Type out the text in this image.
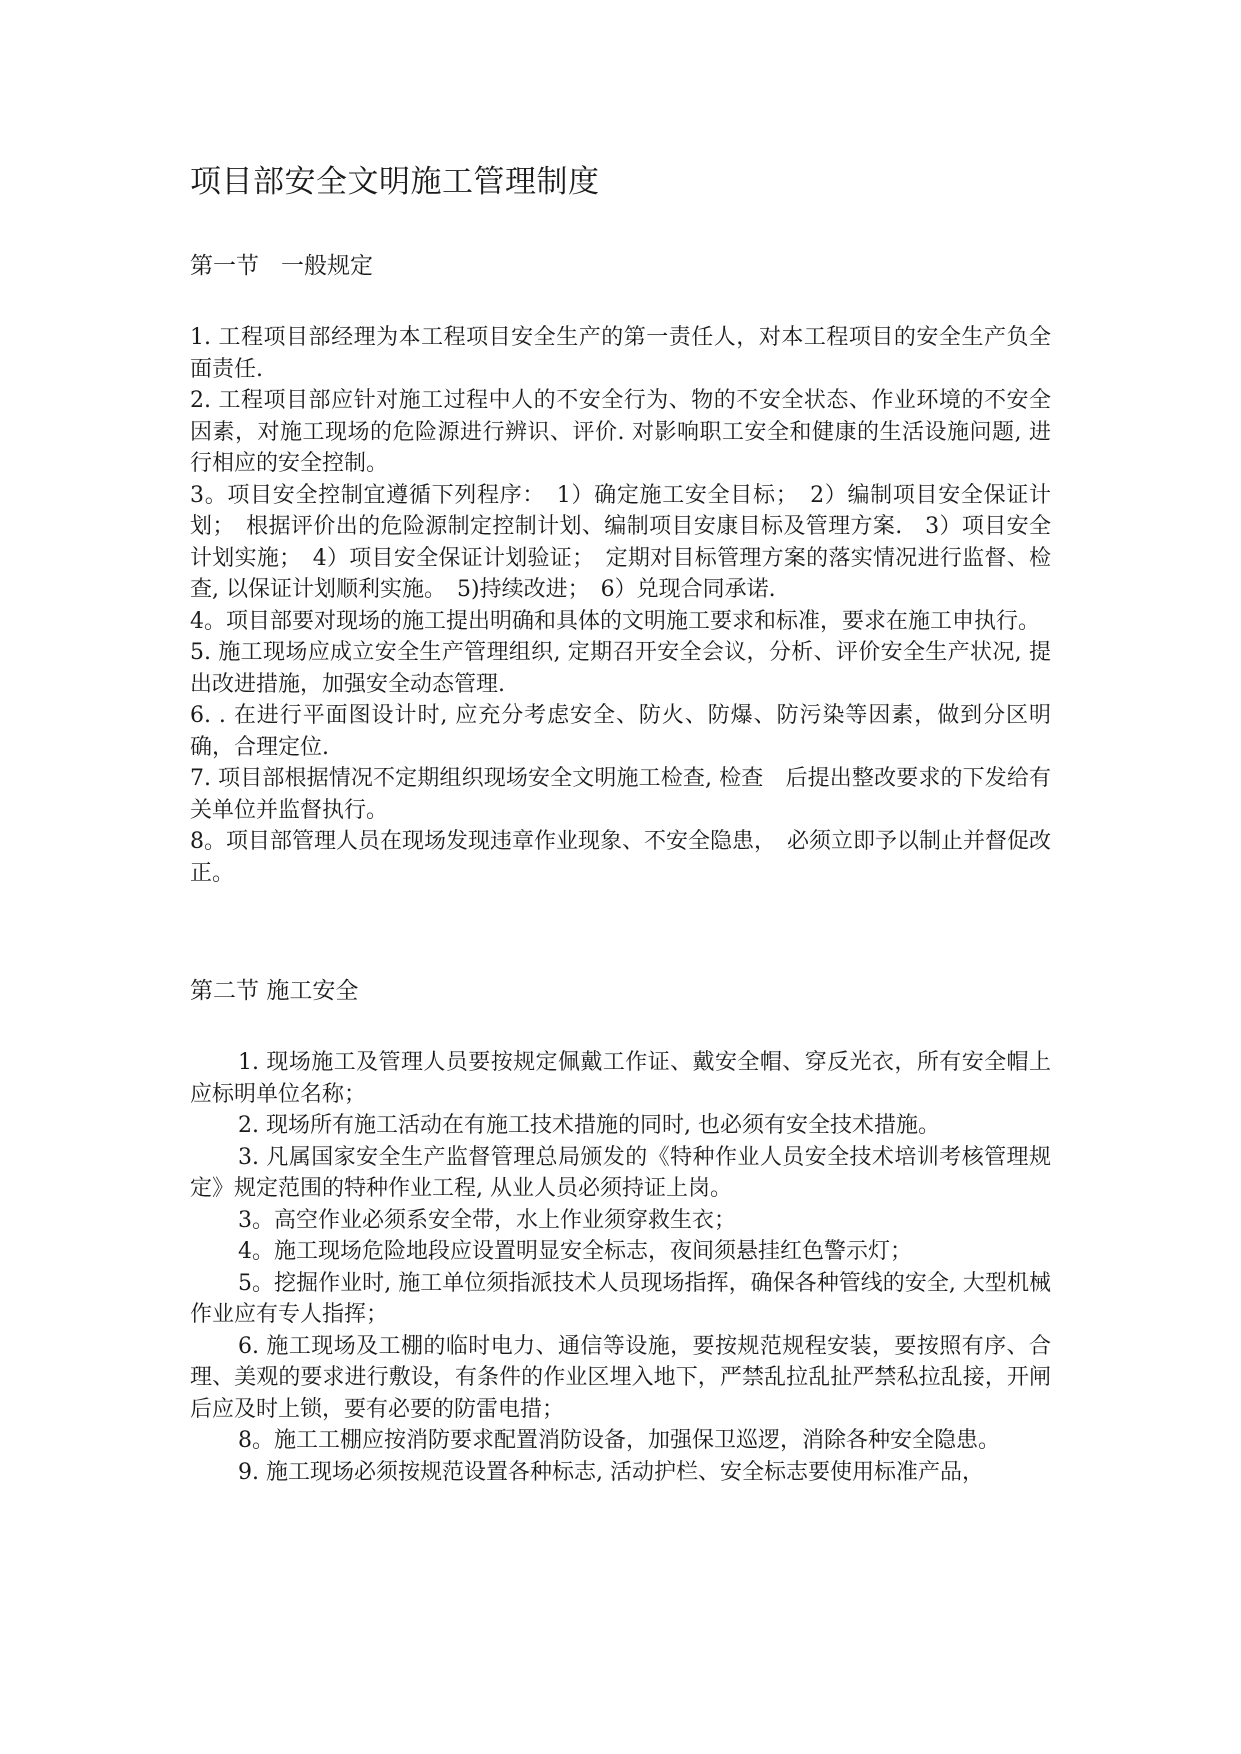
项目部安全文明施工管理制度
第一节 一般规定

1. 工程项目部经理为本工程项目安全生产的第一责任人，对本工程项目的安全生产负全面责任.

2. 工程项目部应针对施工过程中人的不安全行为、物的不安全状态、作业环境的不安全因素，对施工现场的危险源进行辨识、评价. 对影响职工安全和健康的生活设施问题, 进行相应的安全控制。

3。项目安全控制宜遵循下列程序：　1）确定施工安全目标；　2）编制项目安全保证计划；　根据评价出的危险源制定控制计划、编制项目安康目标及管理方案.　3）项目安全计划实施；　4）项目安全保证计划验证；　定期对目标管理方案的落实情况进行监督、检查, 以保证计划顺利实施。　5)持续改进；　6）兑现合同承诺.

4。项目部要对现场的施工提出明确和具体的文明施工要求和标准，要求在施工申执行。

5. 施工现场应成立安全生产管理组织, 定期召开安全会议，分析、评价安全生产状况, 提出改进措施，加强安全动态管理.

6. . 在进行平面图设计时, 应充分考虑安全、防火、防爆、防污染等因素，做到分区明确，合理定位.

7. 项目部根据情况不定期组织现场安全文明施工检查, 检查　后提出整改要求的下发给有关单位并监督执行。

8。项目部管理人员在现场发现违章作业现象、不安全隐患，　必须立即予以制止并督促改正。

第二节 施工安全

1. 现场施工及管理人员要按规定佩戴工作证、戴安全帽、穿反光衣，所有安全帽上应标明单位名称；

2. 现场所有施工活动在有施工技术措施的同时, 也必须有安全技术措施。

3. 凡属国家安全生产监督管理总局颁发的《特种作业人员安全技术培训考核管理规定》规定范围的特种作业工程, 从业人员必须持证上岗。

3。高空作业必须系安全带，水上作业须穿救生衣；

4。施工现场危险地段应设置明显安全标志，夜间须悬挂红色警示灯；

5。挖掘作业时, 施工单位须指派技术人员现场指挥，确保各种管线的安全, 大型机械作业应有专人指挥；

6. 施工现场及工棚的临时电力、通信等设施，要按规范规程安装，要按照有序、合理、美观的要求进行敷设，有条件的作业区埋入地下，严禁乱拉乱扯严禁私拉乱接，开闸后应及时上锁，要有必要的防雷电措；

8。施工工棚应按消防要求配置消防设备，加强保卫巡逻，消除各种安全隐患。

9. 施工现场必须按规范设置各种标志, 活动护栏、安全标志要使用标准产品，
